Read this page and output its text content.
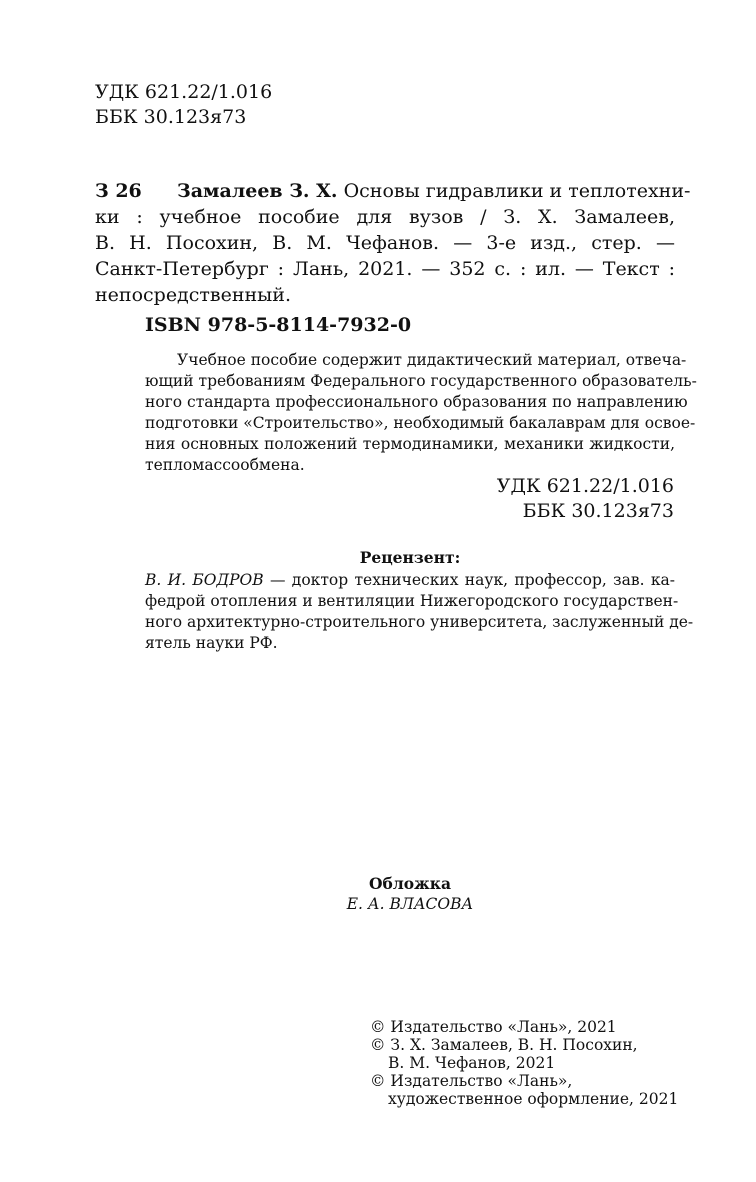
УДК 621.22/1.016
ББК 30.123я73
З 26	Замалеев З. Х. Основы гидравлики и теплотехни-
ки : учебное пособие для вузов / З. Х. Замалеев,
В. Н. Посохин, В. М. Чефанов. — 3-е изд., стер. —
Санкт-Петербург : Лань, 2021. — 352 с. : ил. — Текст :
непосредственный.
ISBN 978-5-8114-7932-0
Учебное пособие содержит дидактический материал, отвеча-
ющий требованиям Федерального государственного образователь-
ного стандарта профессионального образования по направлению
подготовки «Строительство», необходимый бакалаврам для освое-
ния основных положений термодинамики, механики жидкости,
тепломассообмена.
УДК 621.22/1.016
ББК 30.123я73
Рецензент:
В. И. БОДРОВ — доктор технических наук, профессор, зав. ка-
федрой отопления и вентиляции Нижегородского государствен-
ного архитектурно-строительного университета, заслуженный де-
ятель науки РФ.
Обложка
Е. А. ВЛАСОВА
© Издательство «Лань», 2021
© З. Х. Замалеев, В. Н. Посохин,
В. М. Чефанов, 2021
© Издательство «Лань»,
художественное оформление, 2021
